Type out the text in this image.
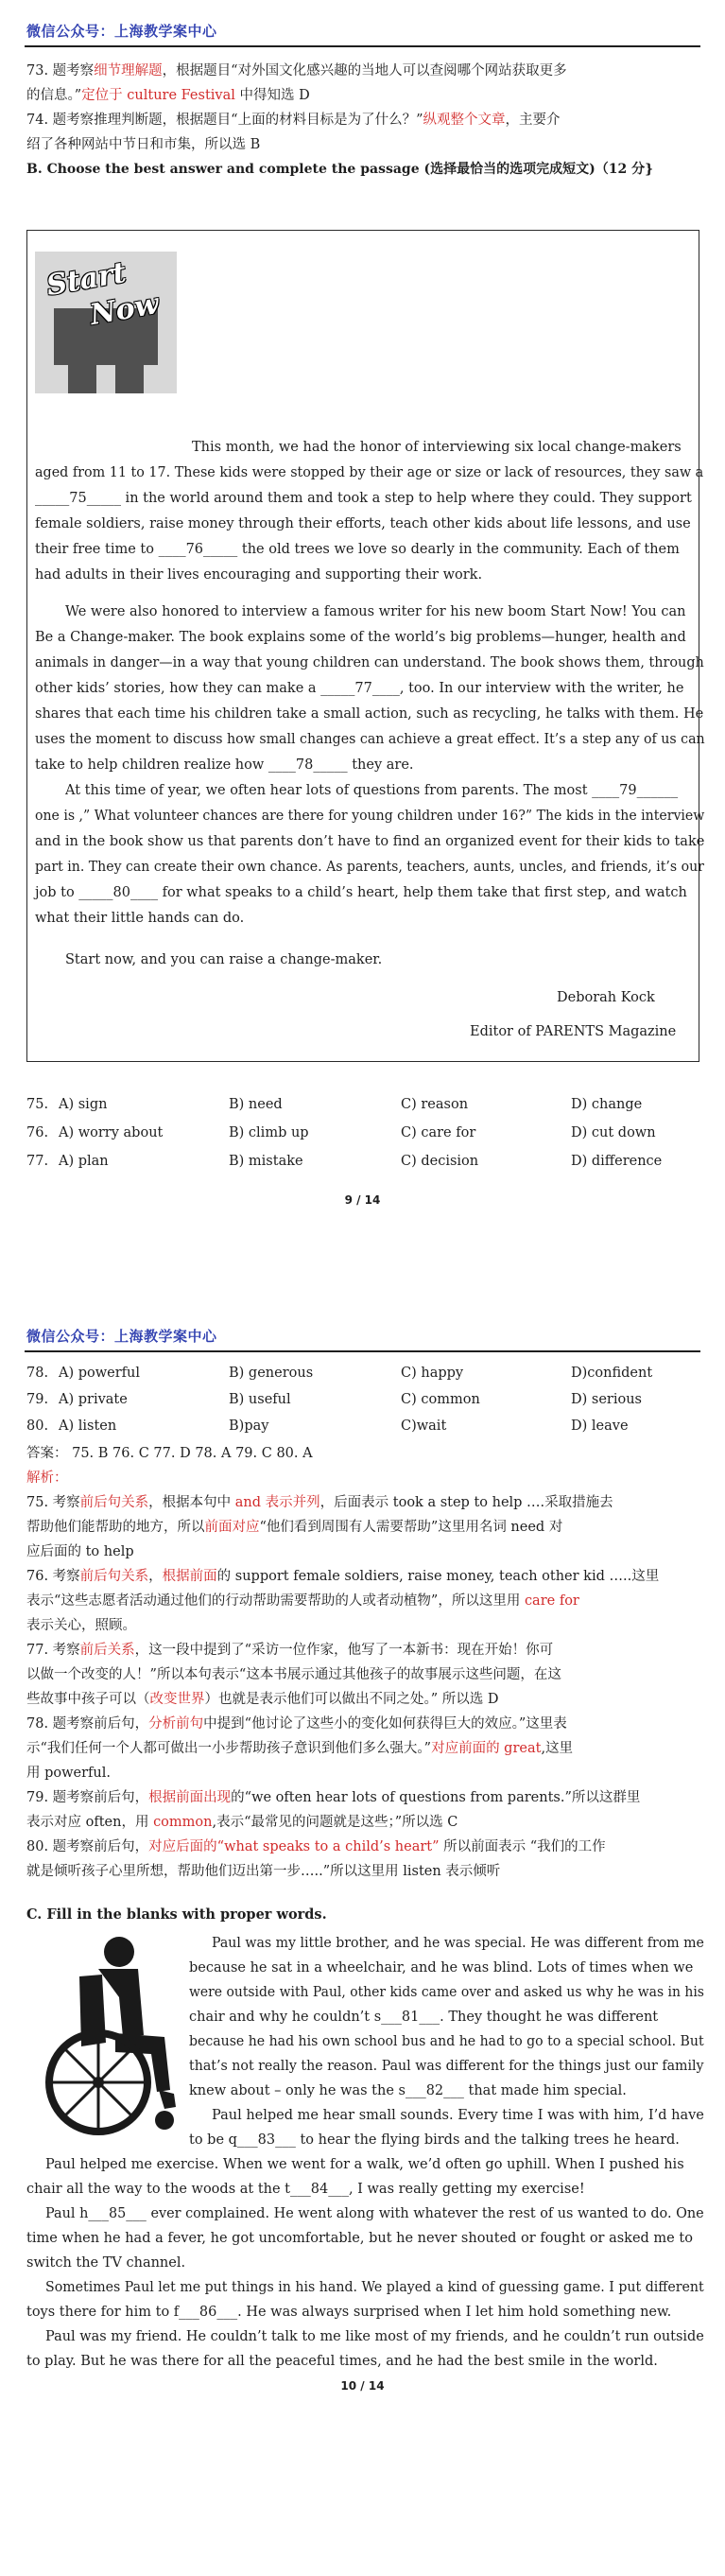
微信公众号：上海教学案中心
73. 题考察细节理解题，根据题目“对外国文化感兴趣的当地人可以查阅哪个网站获取更多
的信息。”定位于 culture Festival 中得知选 D
74. 题考察推理判断题，根据题目“上面的材料目标是为了什么？”纵观整个文章，主要介
绍了各种网站中节日和市集，所以选 B
B. Choose the best answer and complete the passage (选择最恰当的选项完成短文)（12 分}
Start
Now
This month, we had the honor of interviewing six local change-makers
aged from 11 to 17. These kids were stopped by their age or size or lack of resources, they saw a
_____75_____ in the world around them and took a step to help where they could. They support
female soldiers, raise money through their efforts, teach other kids about life lessons, and use
their free time to ____76_____ the old trees we love so dearly in the community. Each of them
had adults in their lives encouraging and supporting their work.
We were also honored to interview a famous writer for his new boom Start Now! You can
Be a Change-maker. The book explains some of the world’s big problems—hunger, health and
animals in danger—in a way that young children can understand. The book shows them, through
other kids’ stories, how they can make a _____77____, too. In our interview with the writer, he
shares that each time his children take a small action, such as recycling, he talks with them. He
uses the moment to discuss how small changes can achieve a great effect. It’s a step any of us can
take to help children realize how ____78_____ they are.
At this time of year, we often hear lots of questions from parents. The most ____79______
one is ,” What volunteer chances are there for young children under 16?” The kids in the interview
and in the book show us that parents don’t have to find an organized event for their kids to take
part in. They can create their own chance. As parents, teachers, aunts, uncles, and friends, it’s our
job to _____80____ for what speaks to a child’s heart, help them take that first step, and watch
what their little hands can do.
Start now, and you can raise a change-maker.
Deborah Kock
Editor of PARENTS Magazine
75. A) sign	B) need	C) reason	D) change
76. A) worry about	B) climb up	C) care for	D) cut down
77. A) plan	B) mistake	C) decision	D) difference
9 / 14
微信公众号：上海教学案中心
78. A) powerful	B) generous	C) happy	D)confident
79. A) private	B) useful	C) common	D) serious
80. A) listen	B)pay	C)wait	D) leave
答案： 75. B 76. C 77. D 78. A 79. C 80. A
解析：
75. 考察前后句关系，根据本句中 and 表示并列，后面表示 took a step to help ….采取措施去
帮助他们能帮助的地方，所以前面对应“他们看到周围有人需要帮助”这里用名词 need 对
应后面的 to help
76. 考察前后句关系，根据前面的 support female soldiers, raise money, teach other kid …..这里
表示“这些志愿者活动通过他们的行动帮助需要帮助的人或者动植物”，所以这里用 care for
表示关心，照顾。
77. 考察前后关系，这一段中提到了“采访一位作家，他写了一本新书：现在开始！你可
以做一个改变的人！”所以本句表示“这本书展示通过其他孩子的故事展示这些问题，在这
些故事中孩子可以（改变世界）也就是表示他们可以做出不同之处。” 所以选 D
78. 题考察前后句，分析前句中提到“他讨论了这些小的变化如何获得巨大的效应。”这里表
示“我们任何一个人都可做出一小步帮助孩子意识到他们多么强大。”对应前面的 great,这里
用 powerful.
79. 题考察前后句，根据前面出现的“we often hear lots of questions from parents.”所以这群里
表示对应 often，用 common,表示“最常见的问题就是这些；”所以选 C
80. 题考察前后句，对应后面的“what speaks to a child’s heart” 所以前面表示 “我们的工作
就是倾听孩子心里所想，帮助他们迈出第一步…..”所以这里用 listen 表示倾听
C. Fill in the blanks with proper words.
Paul was my little brother, and he was special. He was different from me
because he sat in a wheelchair, and he was blind. Lots of times when we
were outside with Paul, other kids came over and asked us why he was in his
chair and why he couldn’t s___81___. They thought he was different
because he had his own school bus and he had to go to a special school. But
that’s not really the reason. Paul was different for the things just our family
knew about – only he was the s___82___ that made him special.
Paul helped me hear small sounds. Every time I was with him, I’d have
to be q___83___ to hear the flying birds and the talking trees he heard.
Paul helped me exercise. When we went for a walk, we’d often go uphill. When I pushed his
chair all the way to the woods at the t___84___, I was really getting my exercise!
Paul h___85___ ever complained. He went along with whatever the rest of us wanted to do. One
time when he had a fever, he got uncomfortable, but he never shouted or fought or asked me to
switch the TV channel.
Sometimes Paul let me put things in his hand. We played a kind of guessing game. I put different
toys there for him to f___86___. He was always surprised when I let him hold something new.
Paul was my friend. He couldn’t talk to me like most of my friends, and he couldn’t run outside
to play. But he was there for all the peaceful times, and he had the best smile in the world.
10 / 14
